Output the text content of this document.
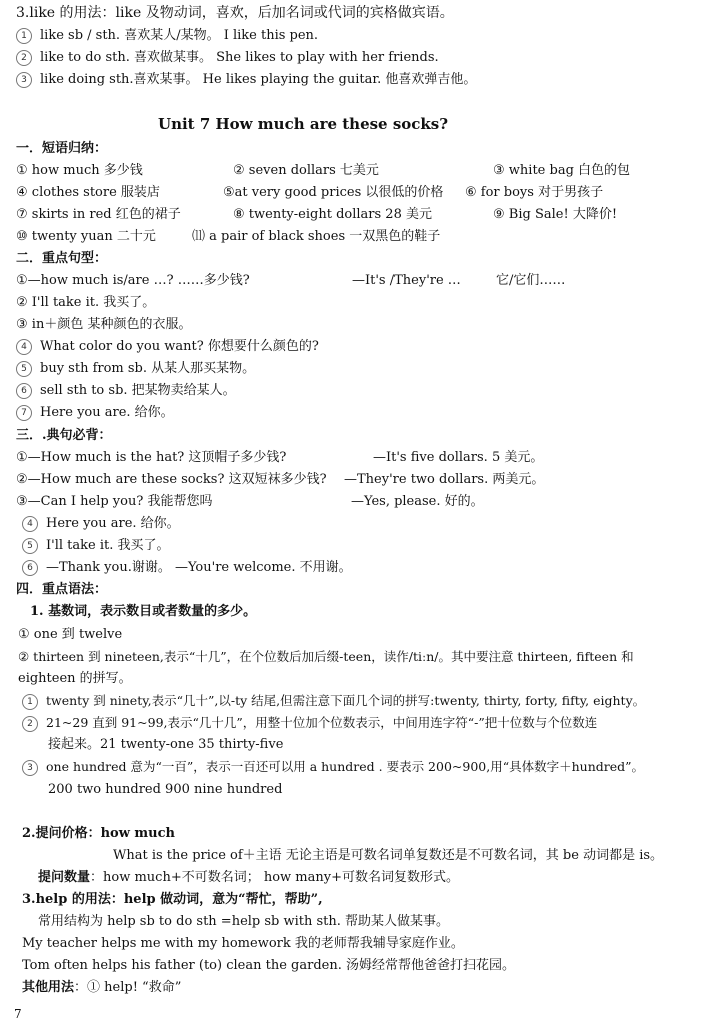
3.like 的用法：like 及物动词，喜欢，后加名词或代词的宾格做宾语。
1 like sb / sth. 喜欢某人/某物。 I like this pen.
2 like to do sth. 喜欢做某事。 She likes to play with her friends.
3 like doing sth.喜欢某事。 He likes playing the guitar. 他喜欢弹吉他。
Unit 7 How much are these socks?
一．短语归纳：
① how much 多少钱	② seven dollars 七美元	③ white bag 白色的包
④ clothes store 服装店	⑤at very good prices 以很低的价格 ⑥ for boys 对于男孩子
⑦ skirts in red 红色的裙子	⑧ twenty-eight dollars 28 美元	⑨ Big Sale! 大降价!
⑩ twenty yuan 二十元	⑾ a pair of black shoes 一双黑色的鞋子
二．重点句型：
①—how much is/are …? ……多少钱?	—It's /They're …	它/它们……
② I'll take it. 我买了。
③ in＋颜色 某种颜色的衣服。
4 What color do you want? 你想要什么颜色的?
5 buy sth from sb. 从某人那买某物。
6 sell sth to sb. 把某物卖给某人。
7 Here you are. 给你。
三．.典句必背：
①—How much is the hat? 这顶帽子多少钱?	—It's five dollars. 5 美元。
②—How much are these socks? 这双短袜多少钱? —They're two dollars. 两美元。
③—Can I help you? 我能帮您吗	—Yes, please. 好的。
4 Here you are. 给你。
5 I'll take it. 我买了。
6 —Thank you.谢谢。 —You're welcome. 不用谢。
四．重点语法：
1. 基数词，表示数目或者数量的多少。
① one 到 twelve
② thirteen 到 nineteen,表示“十几”，在个位数后加后缀-teen，读作/tiːn/。其中要注意 thirteen, fifteen 和
eighteen 的拼写。
1 twenty 到 ninety,表示“几十”,以-ty 结尾,但需注意下面几个词的拼写:twenty, thirty, forty, fifty, eighty。
2 21~29 直到 91~99,表示“几十几”，用整十位加个位数表示，中间用连字符“-”把十位数与个位数连
接起来。21 twenty-one 35 thirty-five
3 one hundred 意为“一百”，表示一百还可以用 a hundred . 要表示 200~900,用“具体数字＋hundred”。
200 two hundred 900 nine hundred
2.提问价格：how much
What is the price of＋主语 无论主语是可数名词单复数还是不可数名词，其 be 动词都是 is。
提问数量：how much+不可数名词； how many+可数名词复数形式。
3.help 的用法：help 做动词，意为“帮忙，帮助”,
常用结构为 help sb to do sth =help sb with sth. 帮助某人做某事。
My teacher helps me with my homework 我的老师帮我辅导家庭作业。
Tom often helps his father (to) clean the garden. 汤姆经常帮他爸爸打扫花园。
其他用法：① help! “救命”
7
